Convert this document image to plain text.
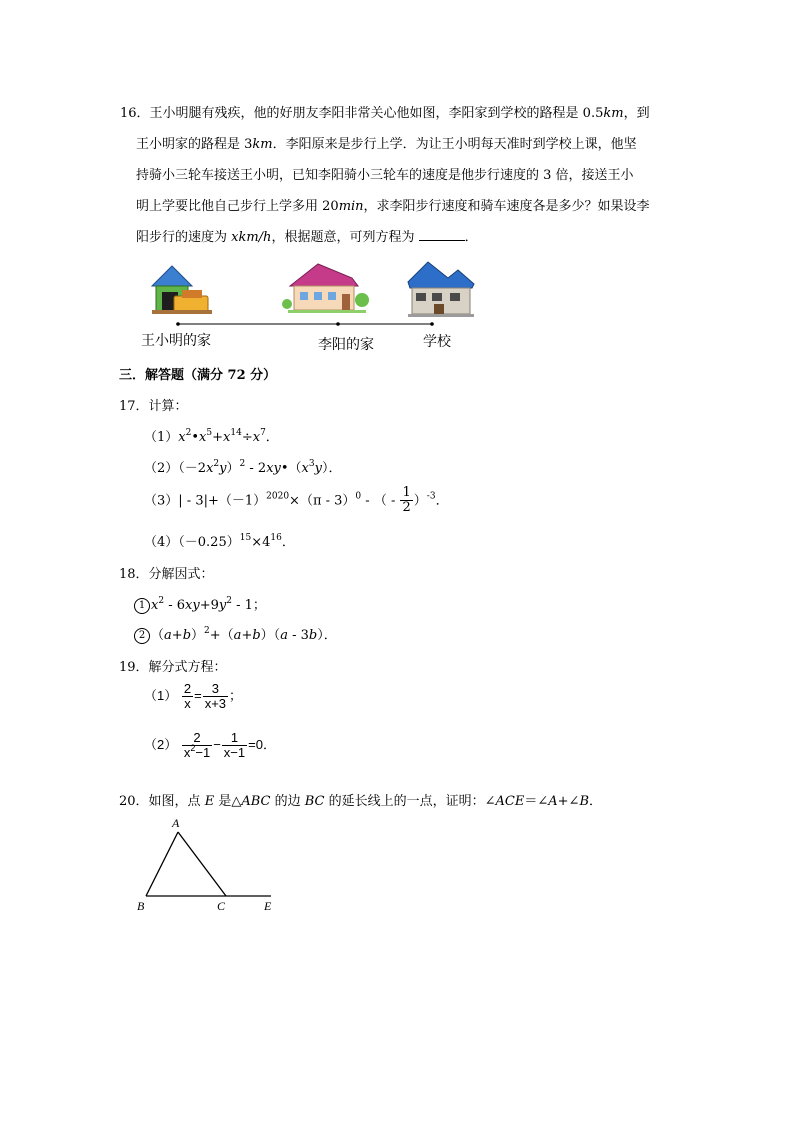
16．王小明腿有残疾，他的好朋友李阳非常关心他如图，李阳家到学校的路程是 0.5km，到
王小明家的路程是 3km．李阳原来是步行上学．为让王小明每天准时到学校上课，他坚
持骑小三轮车接送王小明，已知李阳骑小三轮车的速度是他步行速度的 3 倍，接送王小
明上学要比他自己步行上学多用 20min，求李阳步行速度和骑车速度各是多少？如果设李
阳步行的速度为 xkm/h，根据题意，可列方程为	．
王小明的家	李阳的家	学校
三．解答题（满分 72 分）
17．计算：
$(1)x^2•x^5+x^{14}\div x^7$．
$(2)(-2x^2y)^2$ - $2xy•(x^3y)$．
$(3)| - 3|+(-1)^{2020}\times(\pi - 3)^0$ - （ - $\frac{1}{2} )^{-3}$．
$(4)(-0.25)^{15}\times 4^{16}$．
18．分解因式：
1 $x^2 - 6xy+9y^2 - 1$；
2 $(a+b)^2+(a+b)(a - 3b)$．
19．解分式方程：
$(1) \frac{2}{x} = \frac{3}{x+3}$ ；
$(2) \frac{2}{x^2-1} - \frac{1}{x-1} =0$．
20．如图，点 E 是△ABC 的边 BC 的延长线上的一点，证明：∠ACE＝∠A+∠B．
A
B	C	E
